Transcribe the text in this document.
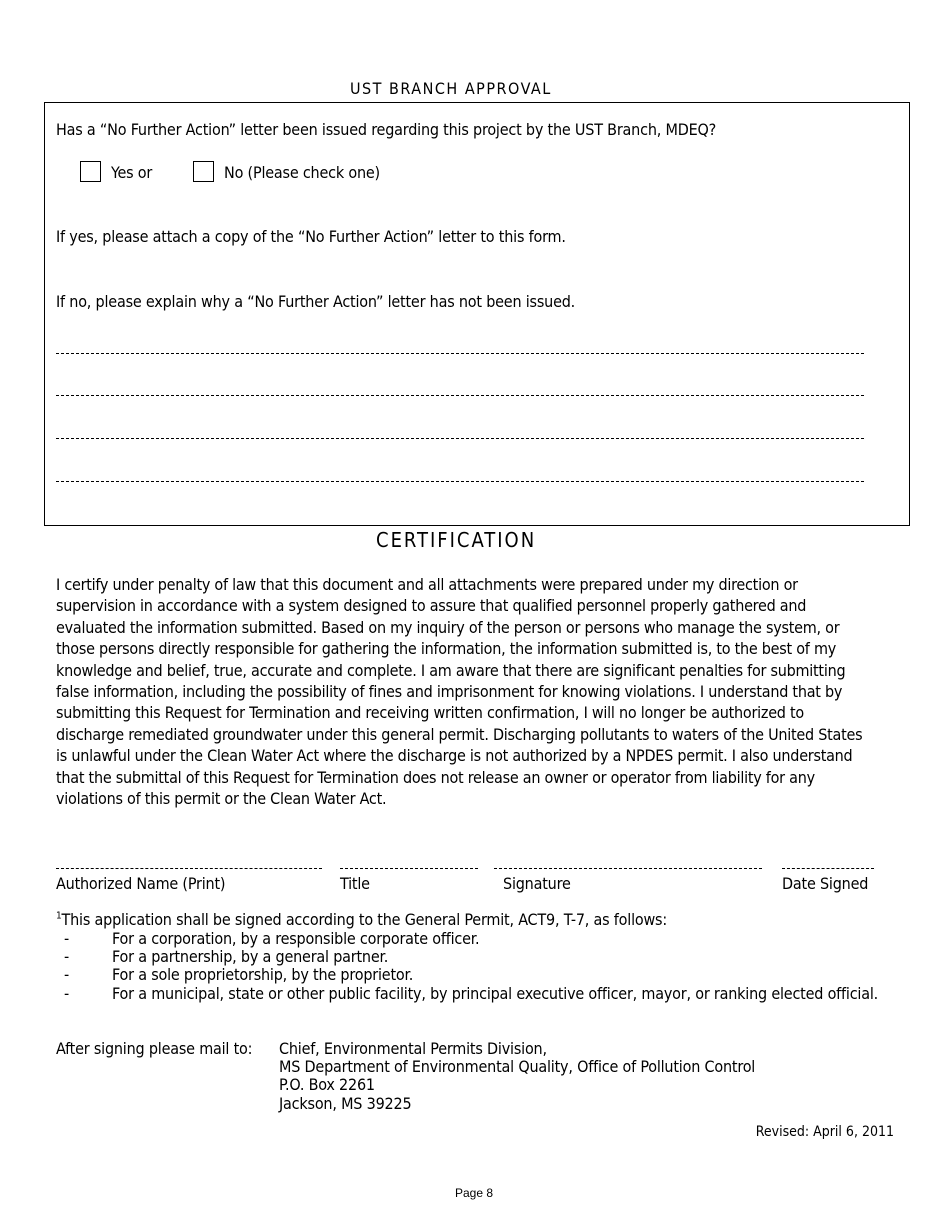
UST BRANCH APPROVAL
Has a “No Further Action” letter been issued regarding this project by the UST Branch, MDEQ?
Yes or	No (Please check one)
If yes, please attach a copy of the “No Further Action” letter to this form.
If no, please explain why a “No Further Action” letter has not been issued.
CERTIFICATION
I certify under penalty of law that this document and all attachments were prepared under my direction or supervision in accordance with a system designed to assure that qualified personnel properly gathered and evaluated the information submitted. Based on my inquiry of the person or persons who manage the system, or those persons directly responsible for gathering the information, the information submitted is, to the best of my knowledge and belief, true, accurate and complete. I am aware that there are significant penalties for submitting false information, including the possibility of fines and imprisonment for knowing violations. I understand that by submitting this Request for Termination and receiving written confirmation, I will no longer be authorized to discharge remediated groundwater under this general permit. Discharging pollutants to waters of the United States is unlawful under the Clean Water Act where the discharge is not authorized by a NPDES permit. I also understand that the submittal of this Request for Termination does not release an owner or operator from liability for any violations of this permit or the Clean Water Act.
Authorized Name (Print)	Title	Signature	Date Signed
$^1$This application shall be signed according to the General Permit, ACT9, T-7, as follows:
-	For a corporation, by a responsible corporate officer.
-	For a partnership, by a general partner.
-	For a sole proprietorship, by the proprietor.
-	For a municipal, state or other public facility, by principal executive officer, mayor, or ranking elected official.
After signing please mail to: Chief, Environmental Permits Division,
MS Department of Environmental Quality, Office of Pollution Control
P.O. Box 2261
Jackson, MS 39225
Revised: April 6, 2011
Page 8
